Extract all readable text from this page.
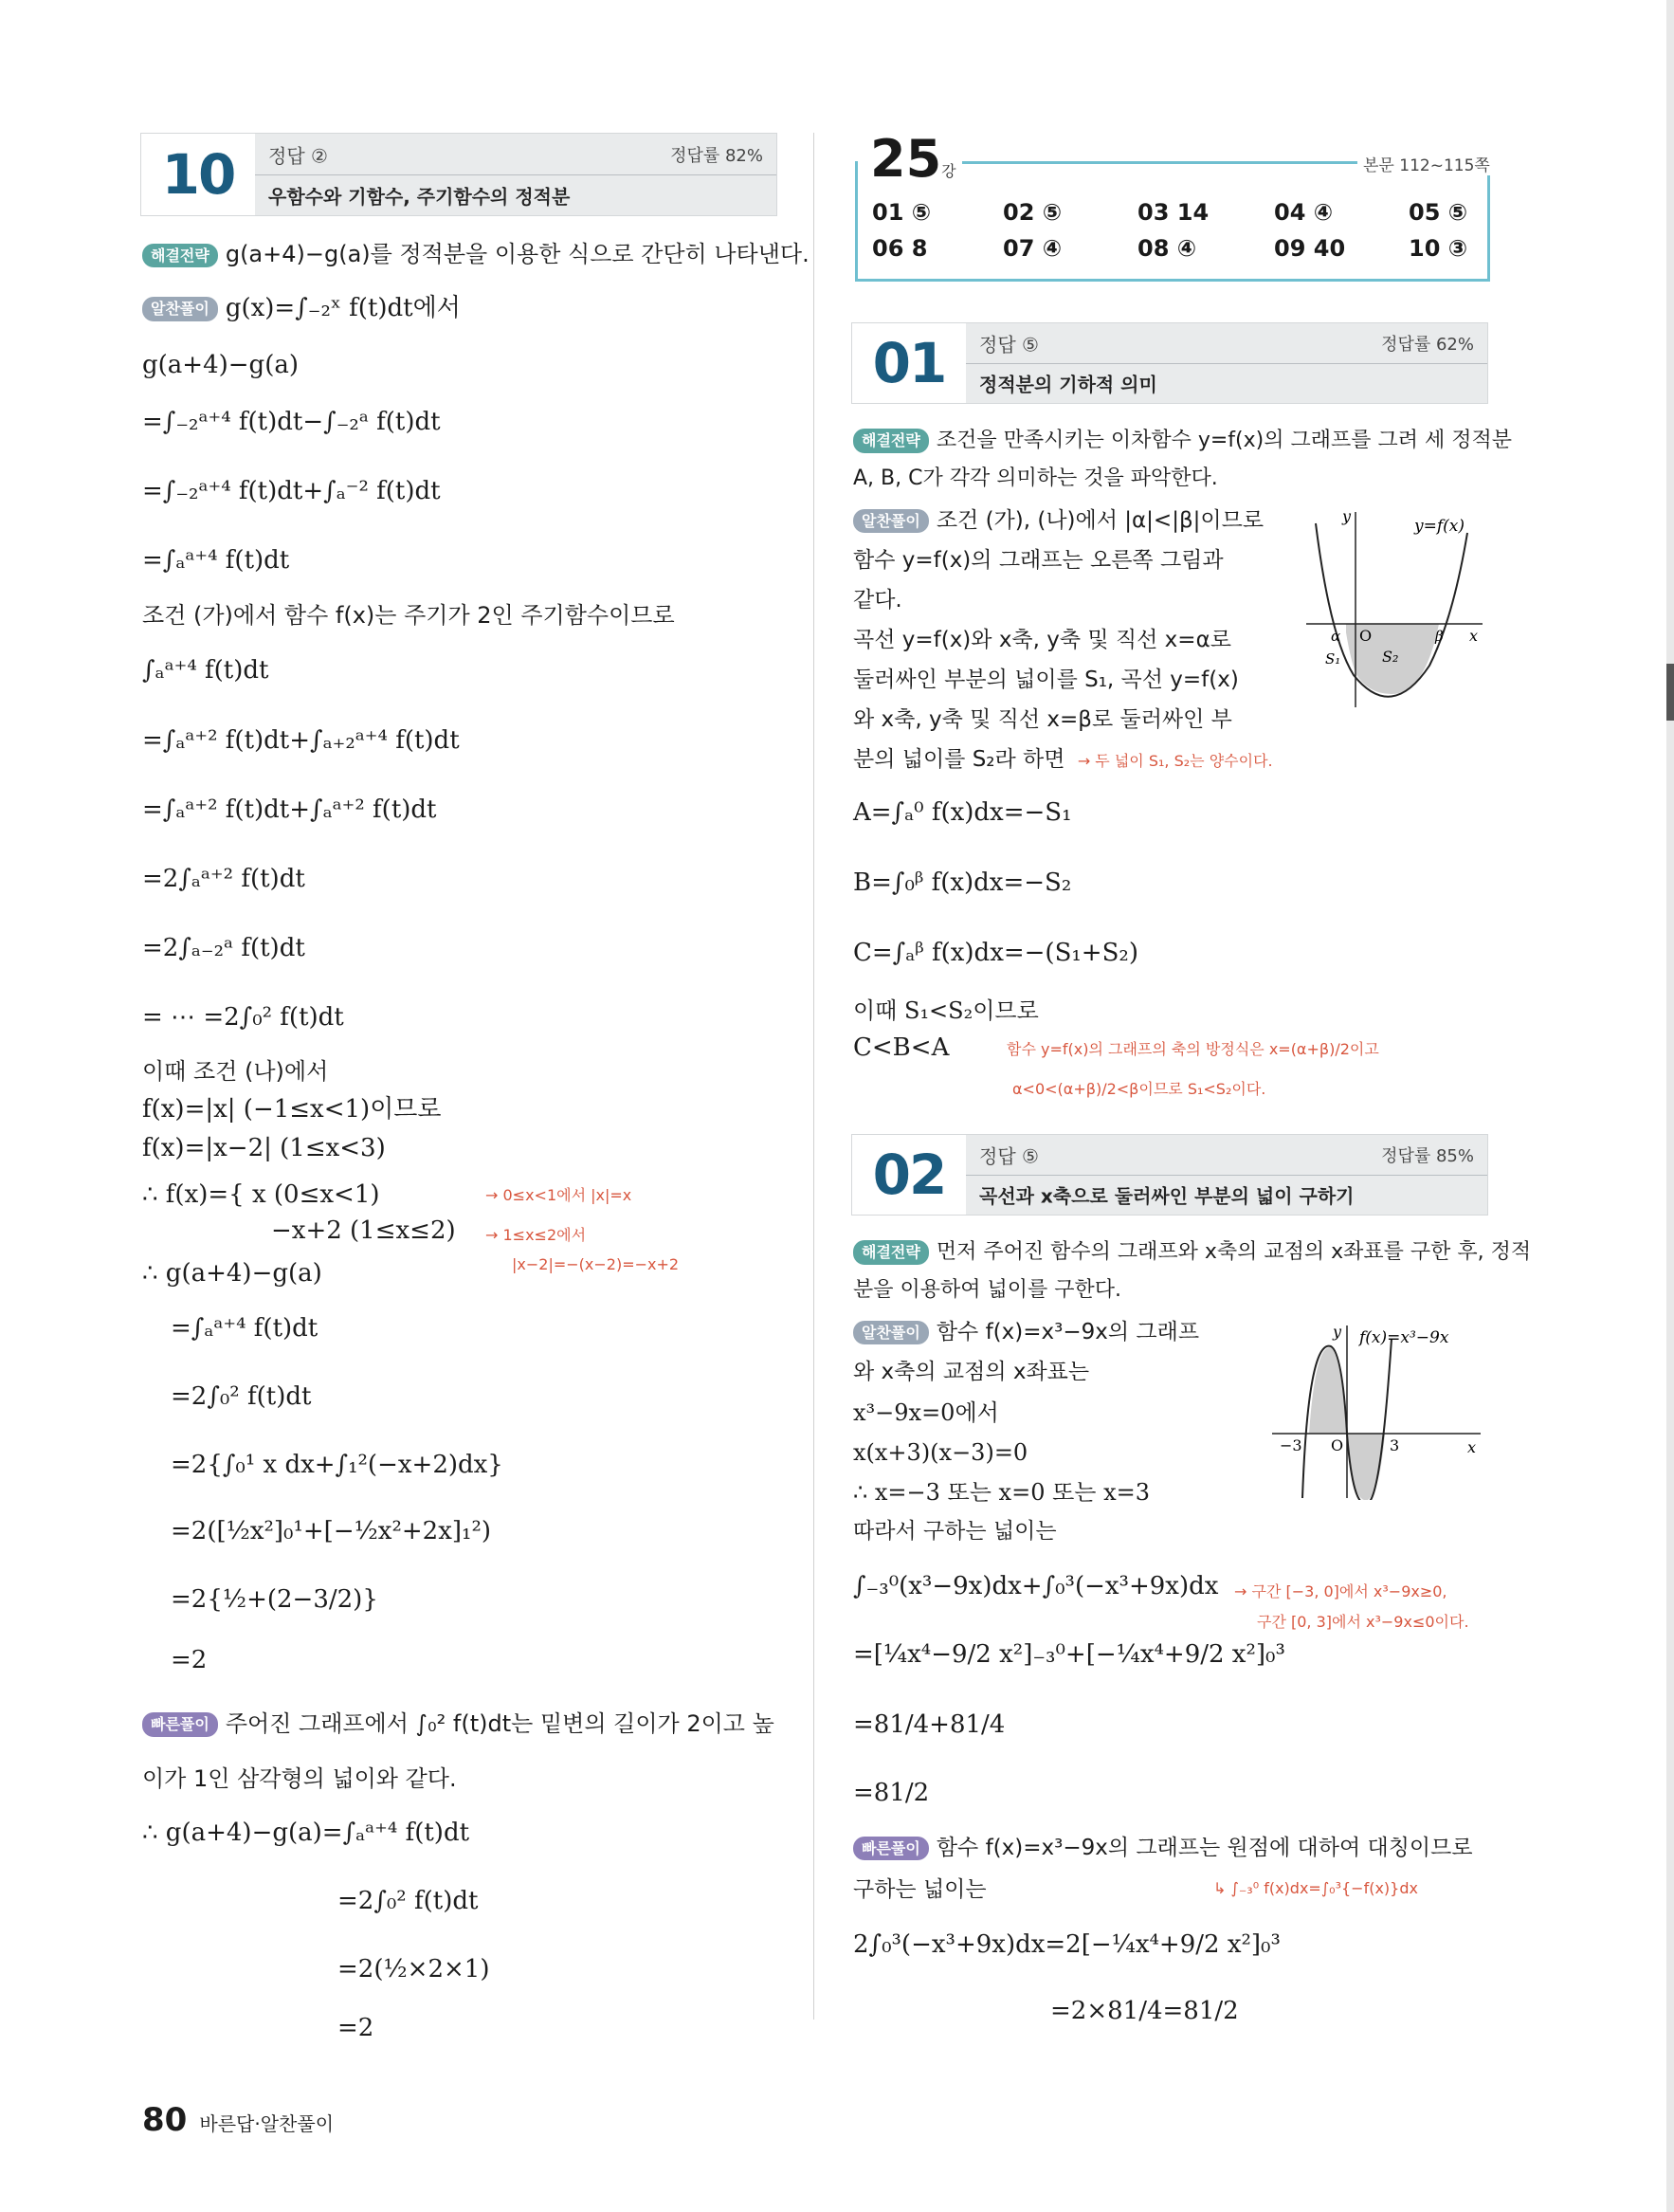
10	정답 ②	정답률 82%
우함수와 기함수, 주기함수의 정적분
해결전략 g(a+4)−g(a)를 정적분을 이용한 식으로 간단히 나타낸다.
알찬풀이 g(x)=∫₋₂ˣ f(t)dt에서
g(a+4)−g(a)
=∫₋₂ᵃ⁺⁴ f(t)dt−∫₋₂ᵃ f(t)dt
=∫₋₂ᵃ⁺⁴ f(t)dt+∫ₐ⁻² f(t)dt
=∫ₐᵃ⁺⁴ f(t)dt
조건 (가)에서 함수 f(x)는 주기가 2인 주기함수이므로
∫ₐᵃ⁺⁴ f(t)dt
=∫ₐᵃ⁺² f(t)dt+∫ₐ₊₂ᵃ⁺⁴ f(t)dt
=∫ₐᵃ⁺² f(t)dt+∫ₐᵃ⁺² f(t)dt
=2∫ₐᵃ⁺² f(t)dt
=2∫ₐ₋₂ᵃ f(t)dt
= ⋯ =2∫₀² f(t)dt
이때 조건 (나)에서
f(x)=|x| (−1≤x<1)이므로
f(x)=|x−2| (1≤x<3)
∴ f(x)={ x (0≤x<1)
−x+2 (1≤x≤2)
→ 0≤x<1에서 |x|=x
→ 1≤x≤2에서
|x−2|=−(x−2)=−x+2
∴ g(a+4)−g(a)
=∫ₐᵃ⁺⁴ f(t)dt
=2∫₀² f(t)dt
=2{∫₀¹ x dx+∫₁²(−x+2)dx}
=2([½x²]₀¹+[−½x²+2x]₁²)
=2{½+(2−3/2)}
=2
빠른풀이 주어진 그래프에서 ∫₀² f(t)dt는 밑변의 길이가 2이고 높
이가 1인 삼각형의 넓이와 같다.
∴ g(a+4)−g(a)=∫ₐᵃ⁺⁴ f(t)dt
=2∫₀² f(t)dt
=2(½×2×1)
=2
80 바른답·알찬풀이
25강	본문 112~115쪽
01 ⑤	02 ⑤	03 14	04 ④	05 ⑤
06 8	07 ④	08 ④	09 40	10 ③
01	정답 ⑤	정답률 62%
정적분의 기하적 의미
해결전략 조건을 만족시키는 이차함수 y=f(x)의 그래프를 그려 세 정적분
A, B, C가 각각 의미하는 것을 파악한다.
알찬풀이 조건 (가), (나)에서 |α|<|β|이므로
함수 y=f(x)의 그래프는 오른쪽 그림과
같다.
곡선 y=f(x)와 x축, y축 및 직선 x=α로
둘러싸인 부분의 넓이를 S₁, 곡선 y=f(x)
와 x축, y축 및 직선 x=β로 둘러싸인 부
분의 넓이를 S₂라 하면 → 두 넓이 S₁, S₂는 양수이다.
y
x
y=f(x)
O
α	β
S₁	S₂
A=∫ₐ⁰ f(x)dx=−S₁
B=∫₀ᵝ f(x)dx=−S₂
C=∫ₐᵝ f(x)dx=−(S₁+S₂)
이때 S₁<S₂이므로
C<B<A	함수 y=f(x)의 그래프의 축의 방정식은 x=(α+β)/2이고
α<0<(α+β)/2<β이므로 S₁<S₂이다.
02	정답 ⑤	정답률 85%
곡선과 x축으로 둘러싸인 부분의 넓이 구하기
해결전략 먼저 주어진 함수의 그래프와 x축의 교점의 x좌표를 구한 후, 정적
분을 이용하여 넓이를 구한다.
알찬풀이 함수 f(x)=x³−9x의 그래프
와 x축의 교점의 x좌표는
x³−9x=0에서
x(x+3)(x−3)=0
∴ x=−3 또는 x=0 또는 x=3
따라서 구하는 넓이는
y f(x)=x³−9x
x
O
−3	3
∫₋₃⁰(x³−9x)dx+∫₀³(−x³+9x)dx → 구간 [−3, 0]에서 x³−9x≥0,
구간 [0, 3]에서 x³−9x≤0이다.
=[¼x⁴−9/2 x²]₋₃⁰+[−¼x⁴+9/2 x²]₀³
=81/4+81/4
=81/2
빠른풀이 함수 f(x)=x³−9x의 그래프는 원점에 대하여 대칭이므로
구하는 넓이는	↳ ∫₋₃⁰ f(x)dx=∫₀³{−f(x)}dx
2∫₀³(−x³+9x)dx=2[−¼x⁴+9/2 x²]₀³
=2×81/4=81/2
